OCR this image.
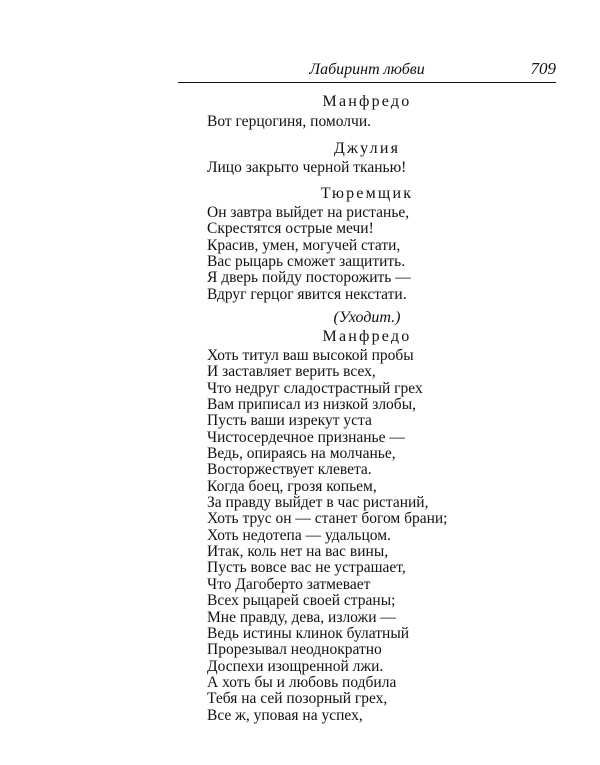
Лабиринт любви	709
Манфредо
Вот герцогиня, помолчи.
Джулия
Лицо закрыто черной тканью!
Тюремщик
Он завтра выйдет на ристанье,
Скрестятся острые мечи!
Красив, умен, могучей стати,
Вас рыцарь сможет защитить.
Я дверь пойду посторожить —
Вдруг герцог явится некстати.
(Уходит.)
Манфредо
Хоть титул ваш высокой пробы
И заставляет верить всех,
Что недруг сладострастный грех
Вам приписал из низкой злобы,
Пусть ваши изрекут уста
Чистосердечное признанье —
Ведь, опираясь на молчанье,
Восторжествует клевета.
Когда боец, грозя копьем,
За правду выйдет в час ристаний,
Хоть трус он — станет богом брани;
Хоть недотепа — удальцом.
Итак, коль нет на вас вины,
Пусть вовсе вас не устрашает,
Что Дагоберто затмевает
Всех рыцарей своей страны;
Мне правду, дева, изложи —
Ведь истины клинок булатный
Прорезывал неоднократно
Доспехи изощренной лжи.
А хоть бы и любовь подбила
Тебя на сей позорный грех,
Все ж, уповая на успех,
